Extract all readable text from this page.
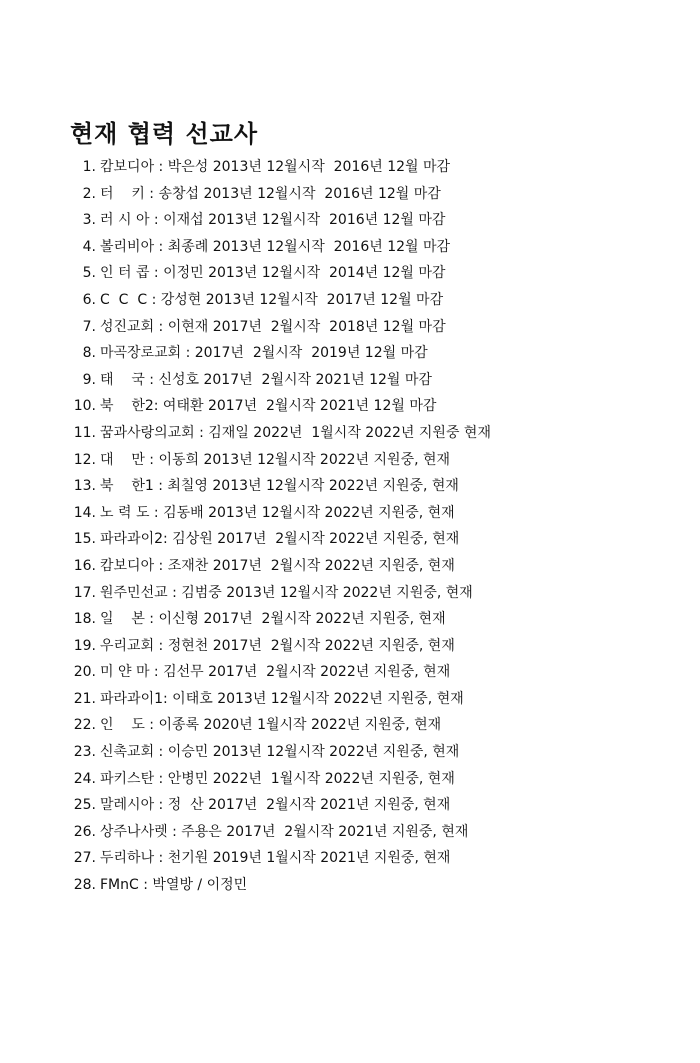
현재 협력 선교사
1. 캄보디아 : 박은성 2013년 12월시작  2016년 12월 마감
2. 터    키 : 송창섭 2013년 12월시작  2016년 12월 마감
3. 러 시 아 : 이재섭 2013년 12월시작  2016년 12월 마감
4. 볼리비아 : 최종례 2013년 12월시작  2016년 12월 마감
5. 인 터 콥 : 이정민 2013년 12월시작  2014년 12월 마감
6. C  C  C : 강성현 2013년 12월시작  2017년 12월 마감
7. 성진교회 : 이현재 2017년  2월시작  2018년 12월 마감
8. 마곡장로교회 : 2017년  2월시작  2019년 12월 마감
9. 태    국 : 신성호 2017년  2월시작 2021년 12월 마감
10. 북    한2: 여태환 2017년  2월시작 2021년 12월 마감
11. 꿈과사랑의교회 : 김재일 2022년  1월시작 2022년 지원중 현재
12. 대    만 : 이동희 2013년 12월시작 2022년 지원중, 현재
13. 북    한1 : 최칠영 2013년 12월시작 2022년 지원중, 현재
14. 노 력 도 : 김동배 2013년 12월시작 2022년 지원중, 현재
15. 파라과이2: 김상원 2017년  2월시작 2022년 지원중, 현재
16. 캄보디아 : 조재찬 2017년  2월시작 2022년 지원중, 현재
17. 원주민선교 : 김범중 2013년 12월시작 2022년 지원중, 현재
18. 일    본 : 이신형 2017년  2월시작 2022년 지원중, 현재
19. 우리교회 : 정현천 2017년  2월시작 2022년 지원중, 현재
20. 미 얀 마 : 김선무 2017년  2월시작 2022년 지원중, 현재
21. 파라과이1: 이태호 2013년 12월시작 2022년 지원중, 현재
22. 인    도 : 이종록 2020년 1월시작 2022년 지원중, 현재
23. 신촉교회 : 이승민 2013년 12월시작 2022년 지원중, 현재
24. 파키스탄 : 안병민 2022년  1월시작 2022년 지원중, 현재
25. 말레시아 : 정  산 2017년  2월시작 2021년 지원중, 현재
26. 상주나사렛 : 주용은 2017년  2월시작 2021년 지원중, 현재
27. 두리하나 : 천기원 2019년 1월시작 2021년 지원중, 현재
28. FMnC : 박열방 / 이정민
